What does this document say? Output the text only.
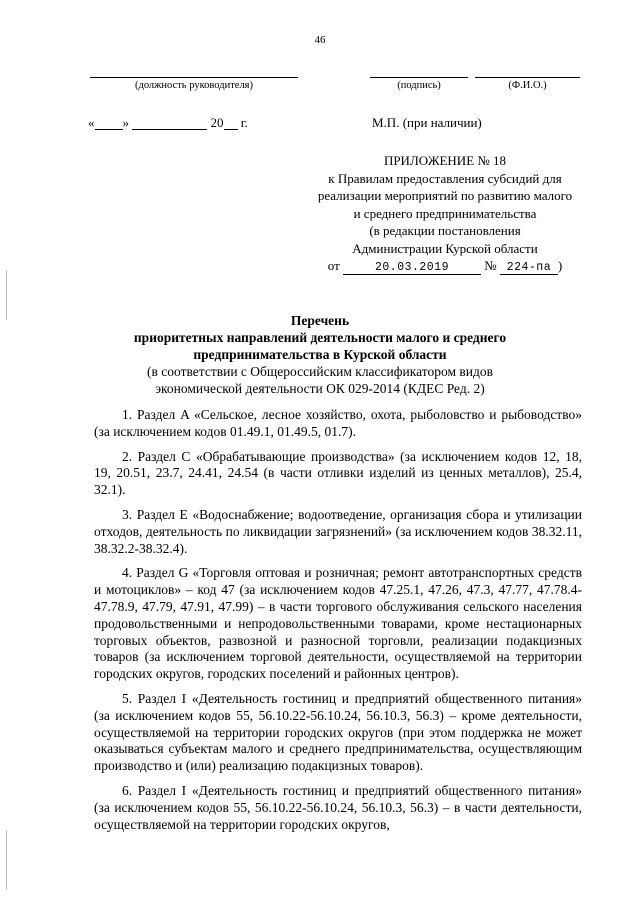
46
(должность руководителя)	(подпись)	(Ф.И.О.)
« »	20 г.	М.П. (при наличии)
ПРИЛОЖЕНИЕ № 18
к Правилам предоставления субсидий для
реализации мероприятий по развитию малого
и среднего предпринимательства
(в редакции постановления
Администрации Курской области
от	20.03.2019	№ 224-па )
Перечень
приоритетных направлений деятельности малого и среднего
предпринимательства в Курской области
(в соответствии с Общероссийским классификатором видов
экономической деятельности ОК 029-2014 (КДЕС Ред. 2)

1. Раздел A «Сельское, лесное хозяйство, охота, рыболовство и рыбоводство» (за исключением кодов 01.49.1, 01.49.5, 01.7).

2. Раздел C «Обрабатывающие производства» (за исключением кодов 12, 18, 19, 20.51, 23.7, 24.41, 24.54 (в части отливки изделий из ценных металлов), 25.4, 32.1).

3. Раздел E «Водоснабжение; водоотведение, организация сбора и утилизации отходов, деятельность по ликвидации загрязнений» (за исключением кодов 38.32.11, 38.32.2-38.32.4).

4. Раздел G «Торговля оптовая и розничная; ремонт автотранспортных средств и мотоциклов» – код 47 (за исключением кодов 47.25.1, 47.26, 47.3, 47.77, 47.78.4-47.78.9, 47.79, 47.91, 47.99) – в части торгового обслуживания сельского населения продовольственными и непродовольственными товарами, кроме нестационарных торговых объектов, развозной и разносной торговли, реализации подакцизных товаров (за исключением торговой деятельности, осуществляемой на территории городских округов, городских поселений и районных центров).

5. Раздел I «Деятельность гостиниц и предприятий общественного питания» (за исключением кодов 55, 56.10.22-56.10.24, 56.10.3, 56.3) – кроме деятельности, осуществляемой на территории городских округов (при этом поддержка не может оказываться субъектам малого и среднего предпринимательства, осуществляющим производство и (или) реализацию подакцизных товаров).

6. Раздел I «Деятельность гостиниц и предприятий общественного питания» (за исключением кодов 55, 56.10.22-56.10.24, 56.10.3, 56.3) – в части деятельности, осуществляемой на территории городских округов,
